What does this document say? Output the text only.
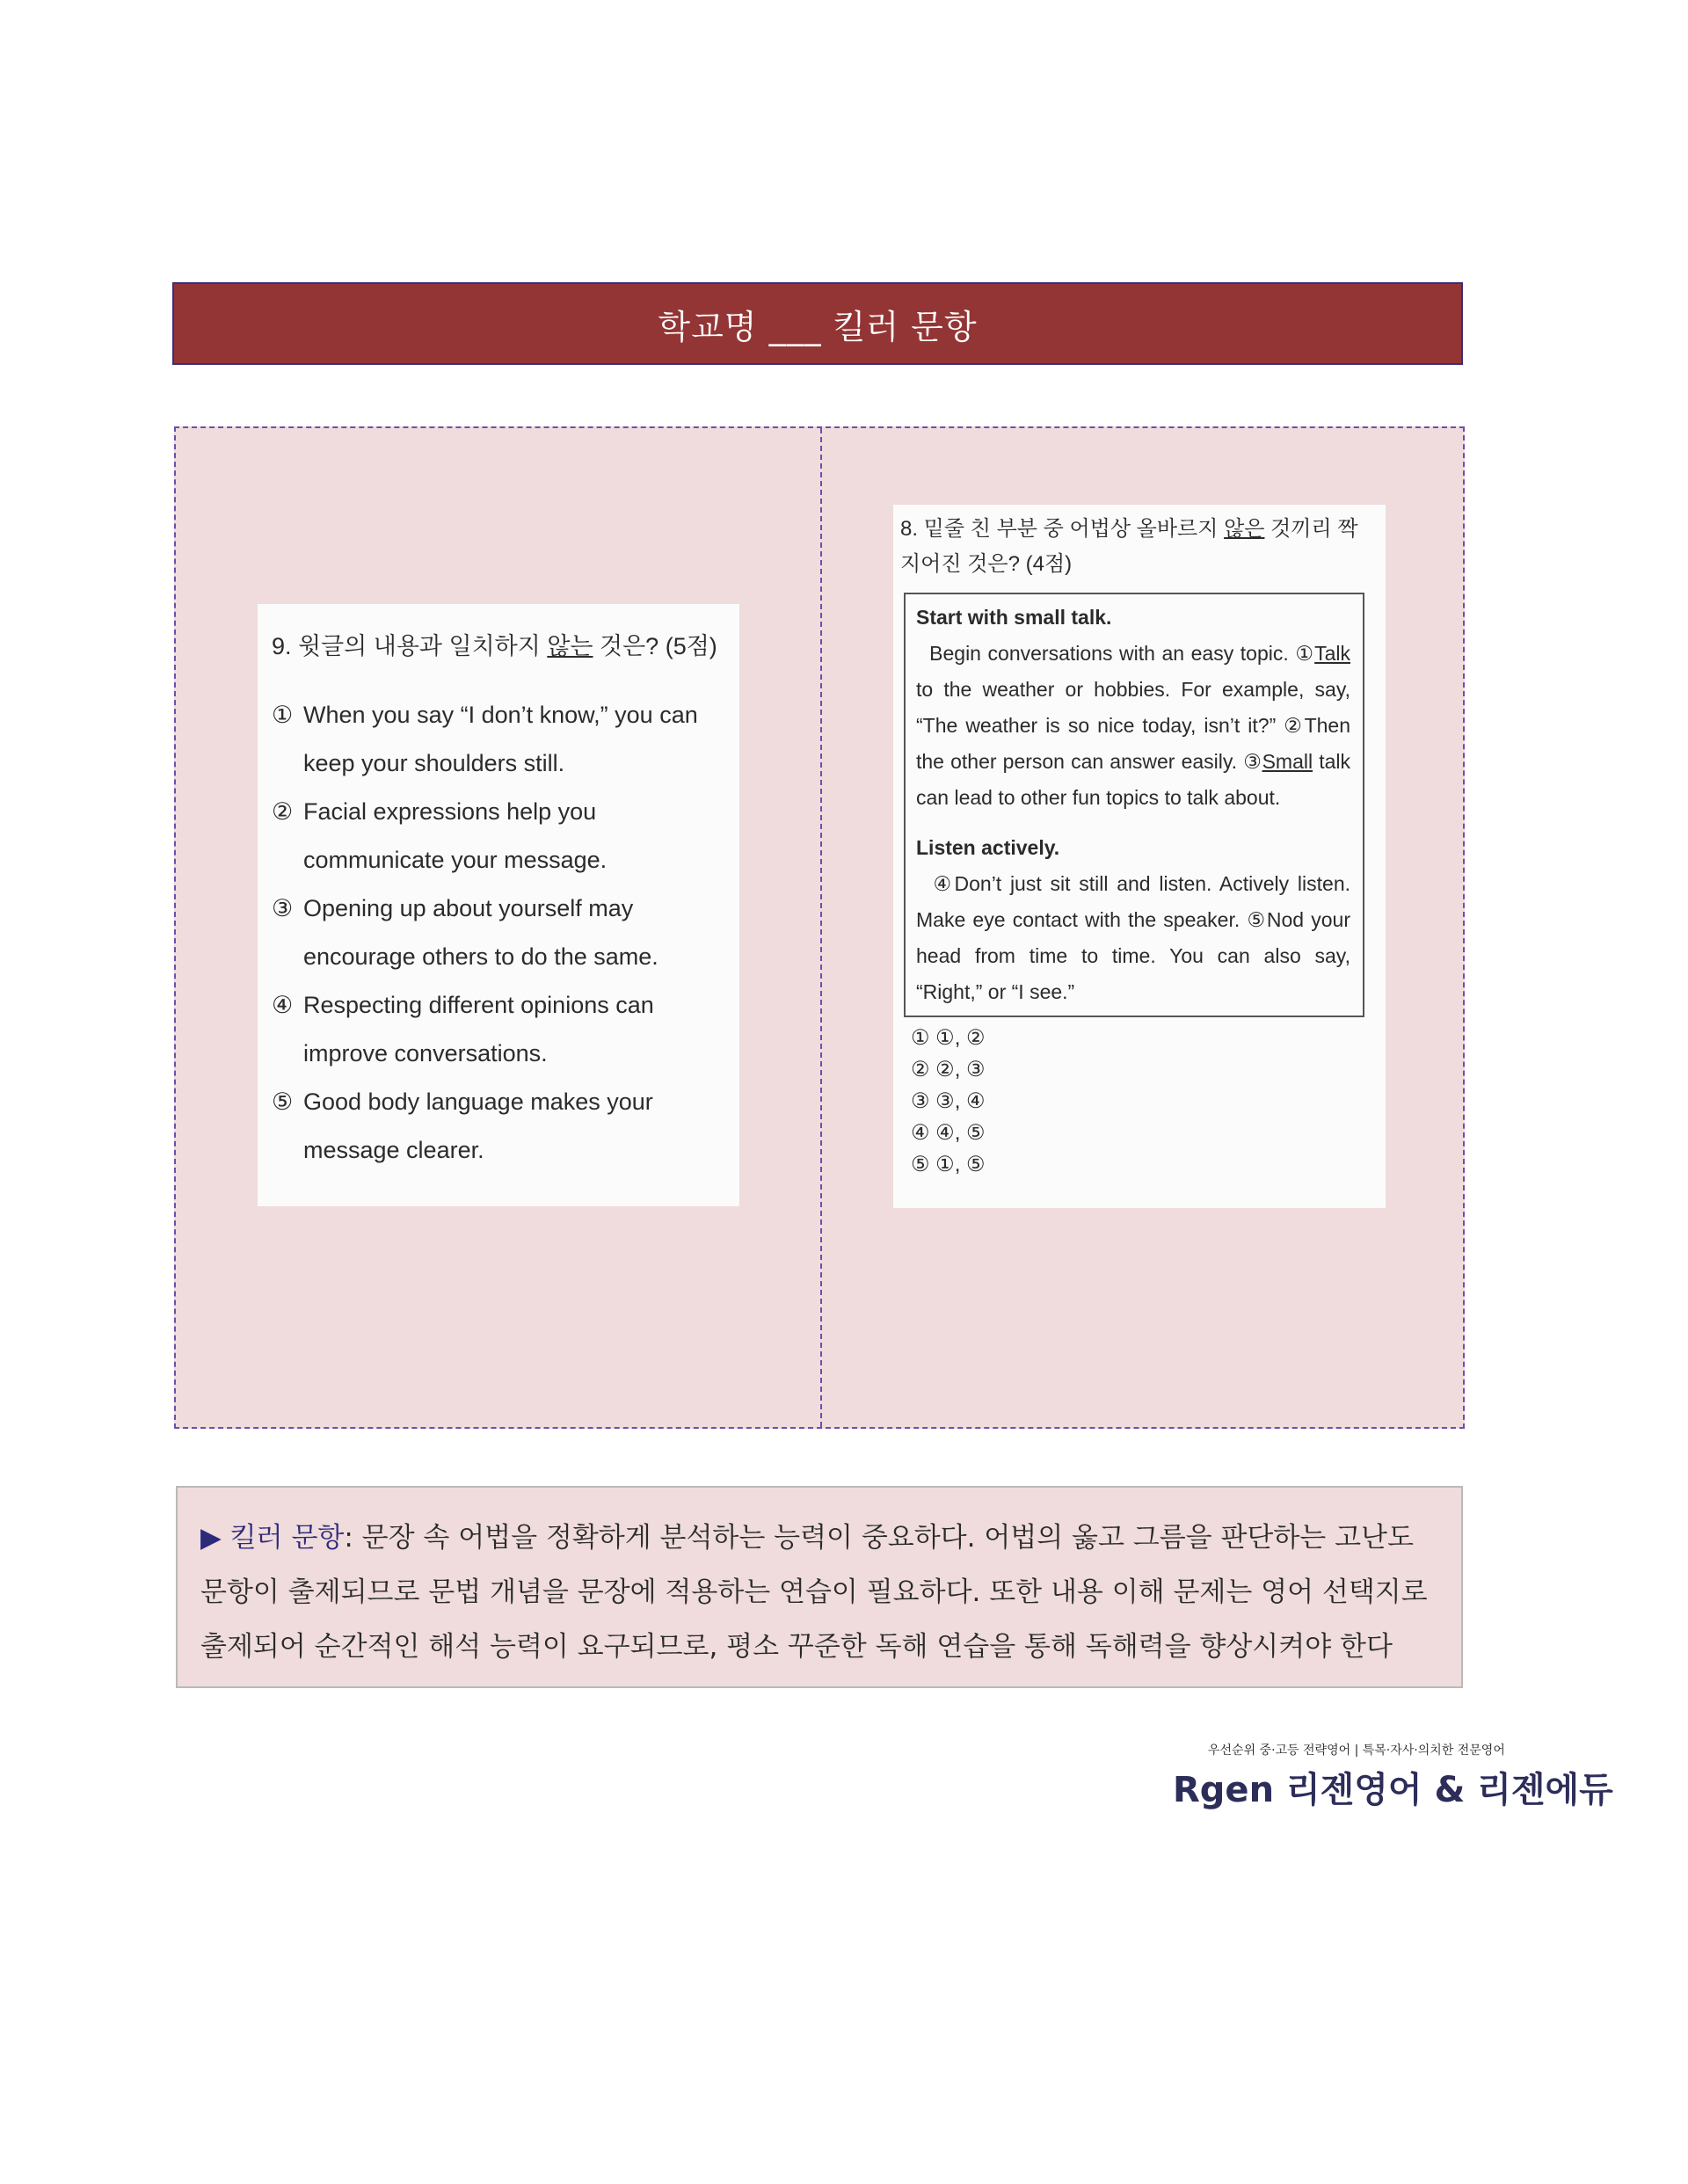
학교명 ___ 킬러 문항
9. 윗글의 내용과 일치하지 않는 것은? (5점)
① When you say “I don’t know,” you can keep your shoulders still.
② Facial expressions help you communicate your message.
③ Opening up about yourself may encourage others to do the same.
④ Respecting different opinions can improve conversations.
⑤ Good body language makes your message clearer.
8. 밑줄 친 부분 중 어법상 올바르지 않은 것끼리 짝지어진 것은? (4점)

Start with small talk.

Begin conversations with an easy topic. ①Talk to the weather or hobbies. For example, say, “The weather is so nice today, isn’t it?” ②Then the other person can answer easily. ③Small talk can lead to other fun topics to talk about.

Listen actively.

④Don’t just sit still and listen. Actively listen. Make eye contact with the speaker. ⑤Nod your head from time to time. You can also say, “Right,” or “I see.”

① ①, ②
② ②, ③
③ ③, ④
④ ④, ⑤
⑤ ①, ⑤
▶ 킬러 문항: 문장 속 어법을 정확하게 분석하는 능력이 중요하다. 어법의 옳고 그름을 판단하는 고난도 문항이 출제되므로 문법 개념을 문장에 적용하는 연습이 필요하다. 또한 내용 이해 문제는 영어 선택지로 출제되어 순간적인 해석 능력이 요구되므로, 평소 꾸준한 독해 연습을 통해 독해력을 향상시켜야 한다
우선순위 중·고등 전략영어 | 특목·자사·의치한 전문영어
Rgen 리젠영어 & 리젠에듀
